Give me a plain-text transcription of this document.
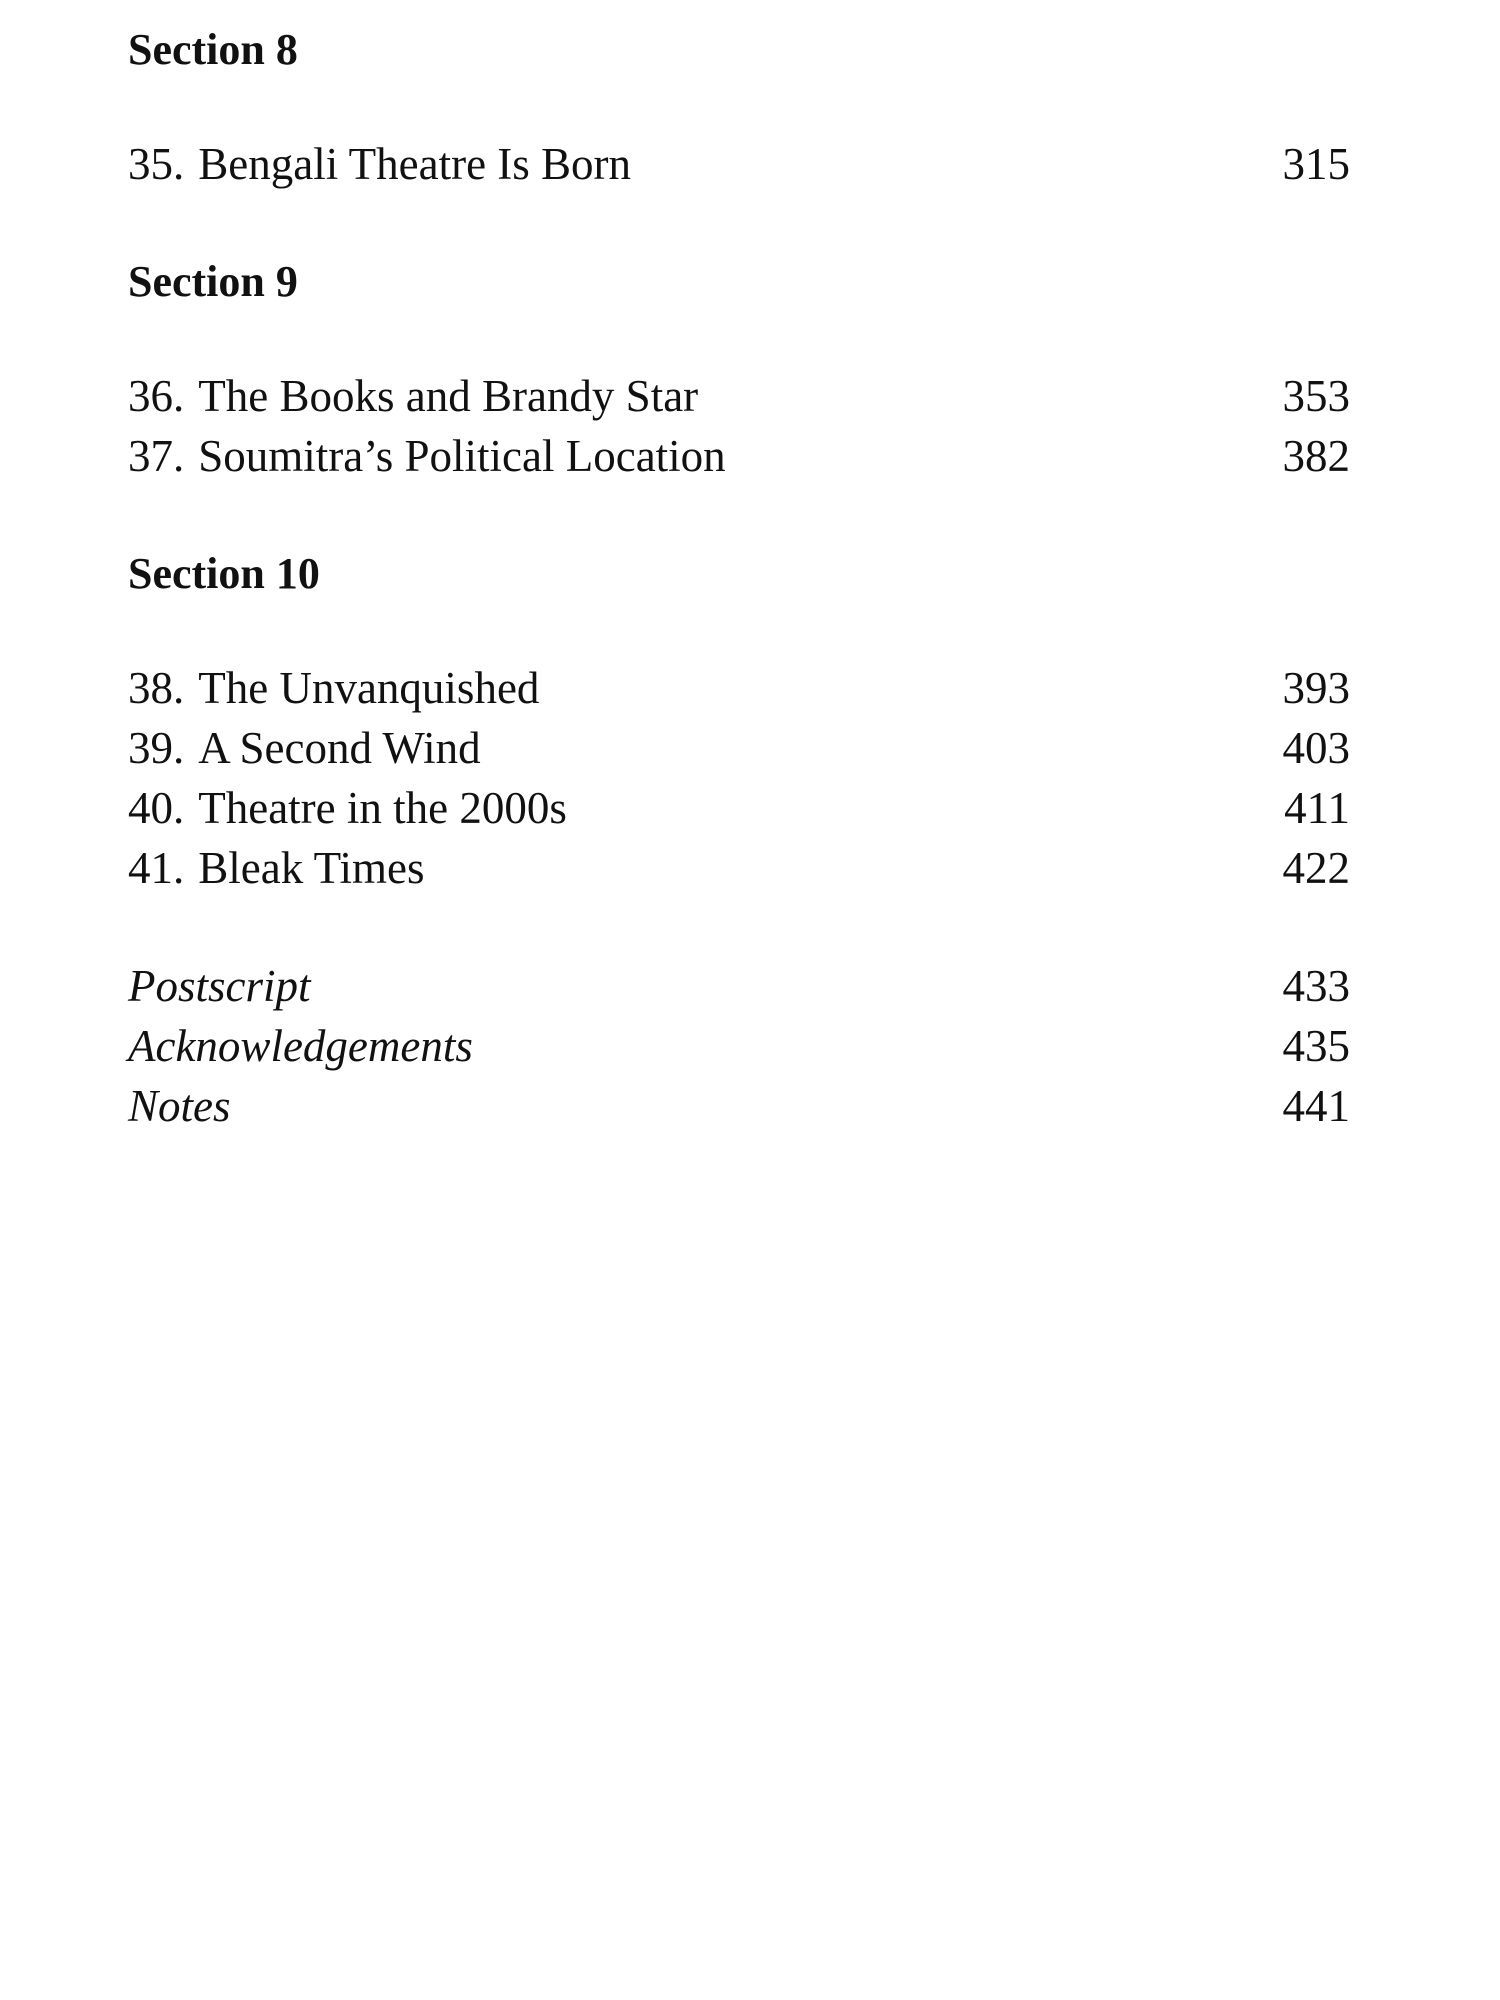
Section 8
35. Bengali Theatre Is Born	315
Section 9
36. The Books and Brandy Star	353
37. Soumitra’s Political Location	382
Section 10
38. The Unvanquished	393
39. A Second Wind	403
40. Theatre in the 2000s	411
41. Bleak Times	422
Postscript	433
Acknowledgements	435
Notes	441
